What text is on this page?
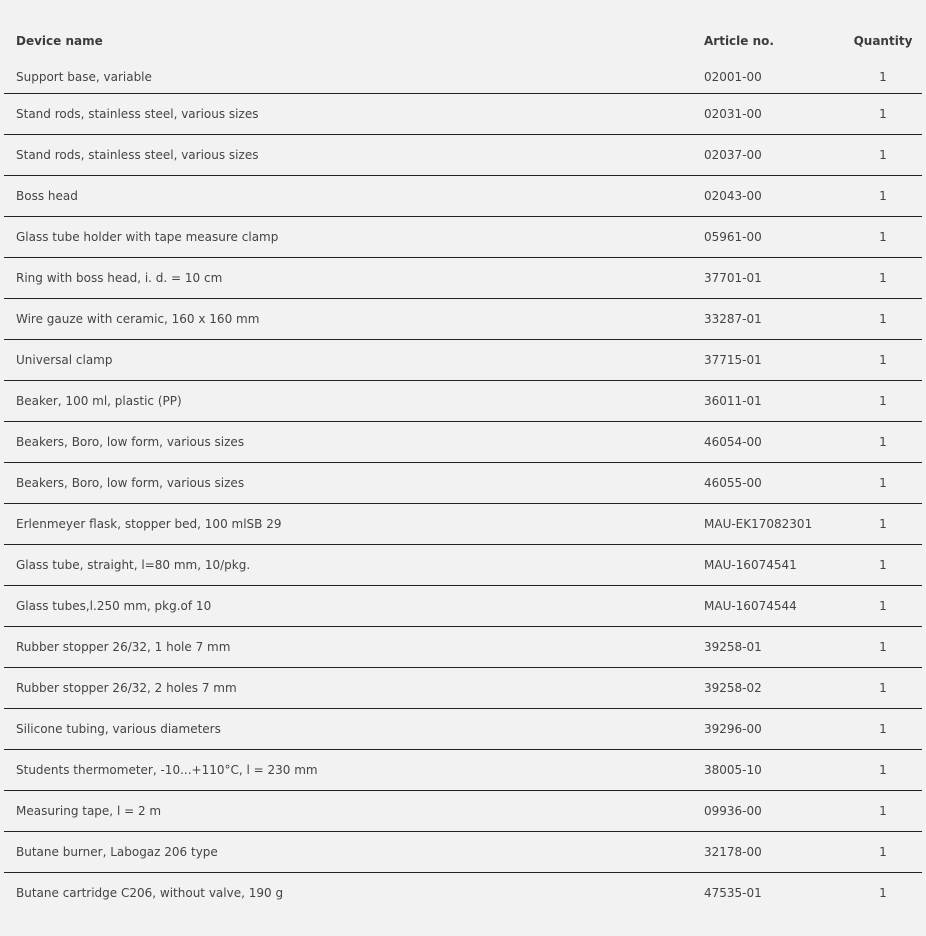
Device name	Article no.	Quantity
Support base, variable	02001-00	1
Stand rods, stainless steel, various sizes	02031-00	1
Stand rods, stainless steel, various sizes	02037-00	1
Boss head	02043-00	1
Glass tube holder with tape measure clamp	05961-00	1
Ring with boss head, i. d. = 10 cm	37701-01	1
Wire gauze with ceramic, 160 x 160 mm	33287-01	1
Universal clamp	37715-01	1
Beaker, 100 ml, plastic (PP)	36011-01	1
Beakers, Boro, low form, various sizes	46054-00	1
Beakers, Boro, low form, various sizes	46055-00	1
Erlenmeyer flask, stopper bed, 100 mlSB 29	MAU-EK17082301	1
Glass tube, straight, l=80 mm, 10/pkg.	MAU-16074541	1
Glass tubes,l.250 mm, pkg.of 10	MAU-16074544	1
Rubber stopper 26/32, 1 hole 7 mm	39258-01	1
Rubber stopper 26/32, 2 holes 7 mm	39258-02	1
Silicone tubing, various diameters	39296-00	1
Students thermometer, -10...+110°C, l = 230 mm	38005-10	1
Measuring tape, l = 2 m	09936-00	1
Butane burner, Labogaz 206 type	32178-00	1
Butane cartridge C206, without valve, 190 g	47535-01	1
